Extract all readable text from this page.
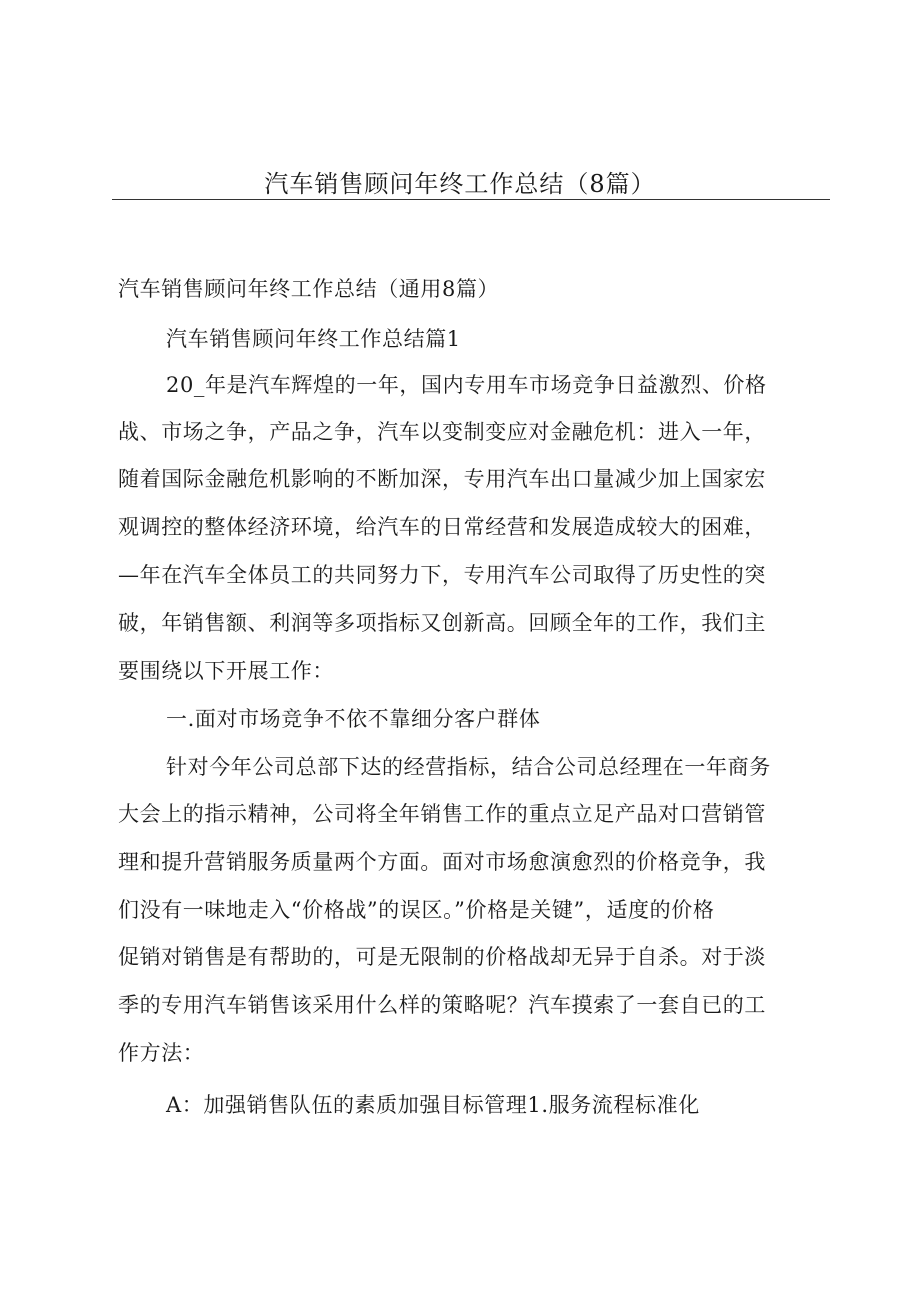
汽车销售顾问年终工作总结（8篇）

汽车销售顾问年终工作总结（通用8篇）

汽车销售顾问年终工作总结篇1

20_年是汽车辉煌的一年，国内专用车市场竞争日益激烈、价格

战、市场之争，产品之争，汽车以变制变应对金融危机：进入一年，

随着国际金融危机影响的不断加深，专用汽车出口量减少加上国家宏

观调控的整体经济环境，给汽车的日常经营和发展造成较大的困难，

—年在汽车全体员工的共同努力下，专用汽车公司取得了历史性的突

破，年销售额、利润等多项指标又创新高。回顾全年的工作，我们主

要围绕以下开展工作：

一.面对市场竞争不依不靠细分客户群体

针对今年公司总部下达的经营指标，结合公司总经理在一年商务

大会上的指示精神，公司将全年销售工作的重点立足产品对口营销管

理和提升营销服务质量两个方面。面对市场愈演愈烈的价格竞争，我

们没有一味地走入“价格战”的误区。”价格是关键”，适度的价格

促销对销售是有帮助的，可是无限制的价格战却无异于自杀。对于淡

季的专用汽车销售该采用什么样的策略呢？汽车摸索了一套自已的工

作方法：

A：加强销售队伍的素质加强目标管理1.服务流程标准化
